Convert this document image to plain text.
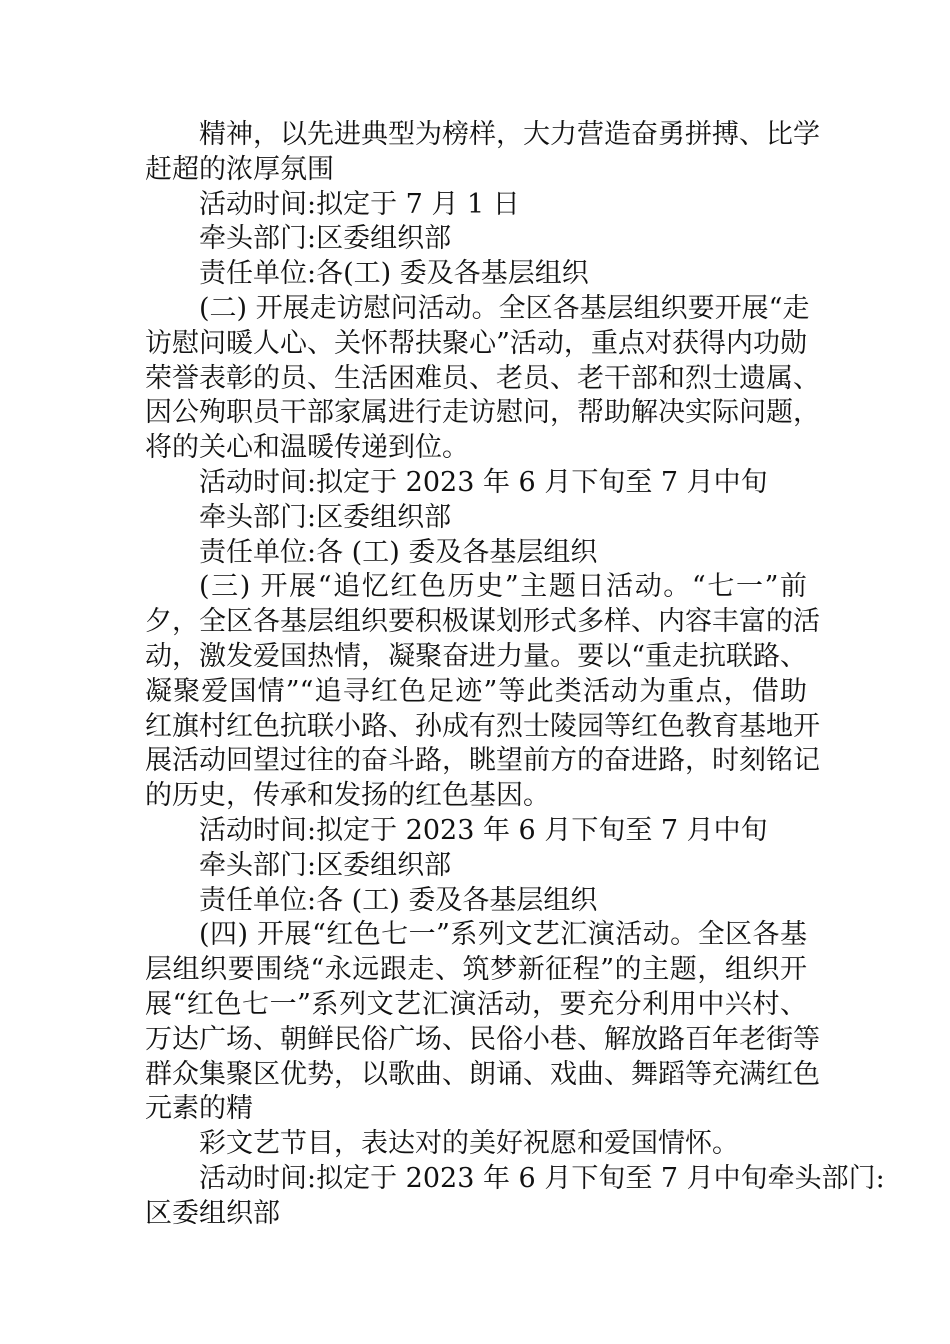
精神，以先进典型为榜样，大力营造奋勇拼搏、比学
赶超的浓厚氛围
活动时间:拟定于 7 月 1 日
牵头部门:区委组织部
责任单位:各(工) 委及各基层组织
(二) 开展走访慰问活动。全区各基层组织要开展“走
访慰问暖人心、关怀帮扶聚心”活动，重点对获得内功勋
荣誉表彰的员、生活困难员、老员、老干部和烈士遗属、
因公殉职员干部家属进行走访慰问，帮助解决实际问题，
将的关心和温暖传递到位。
活动时间:拟定于 2023 年 6 月下旬至 7 月中旬
牵头部门:区委组织部
责任单位:各 (工) 委及各基层组织
(三) 开展“追忆红色历史”主题日活动。“七一”前
夕，全区各基层组织要积极谋划形式多样、内容丰富的活
动，激发爱国热情，凝聚奋进力量。要以“重走抗联路、
凝聚爱国情”“追寻红色足迹”等此类活动为重点，借助
红旗村红色抗联小路、孙成有烈士陵园等红色教育基地开
展活动回望过往的奋斗路，眺望前方的奋进路，时刻铭记
的历史，传承和发扬的红色基因。
活动时间:拟定于 2023 年 6 月下旬至 7 月中旬
牵头部门:区委组织部
责任单位:各 (工) 委及各基层组织
(四) 开展“红色七一”系列文艺汇演活动。全区各基
层组织要围绕“永远跟走、筑梦新征程”的主题，组织开
展“红色七一”系列文艺汇演活动，要充分利用中兴村、
万达广场、朝鲜民俗广场、民俗小巷、解放路百年老街等
群众集聚区优势，以歌曲、朗诵、戏曲、舞蹈等充满红色
元素的精
彩文艺节目，表达对的美好祝愿和爱国情怀。
活动时间:拟定于 2023 年 6 月下旬至 7 月中旬牵头部门:
区委组织部
